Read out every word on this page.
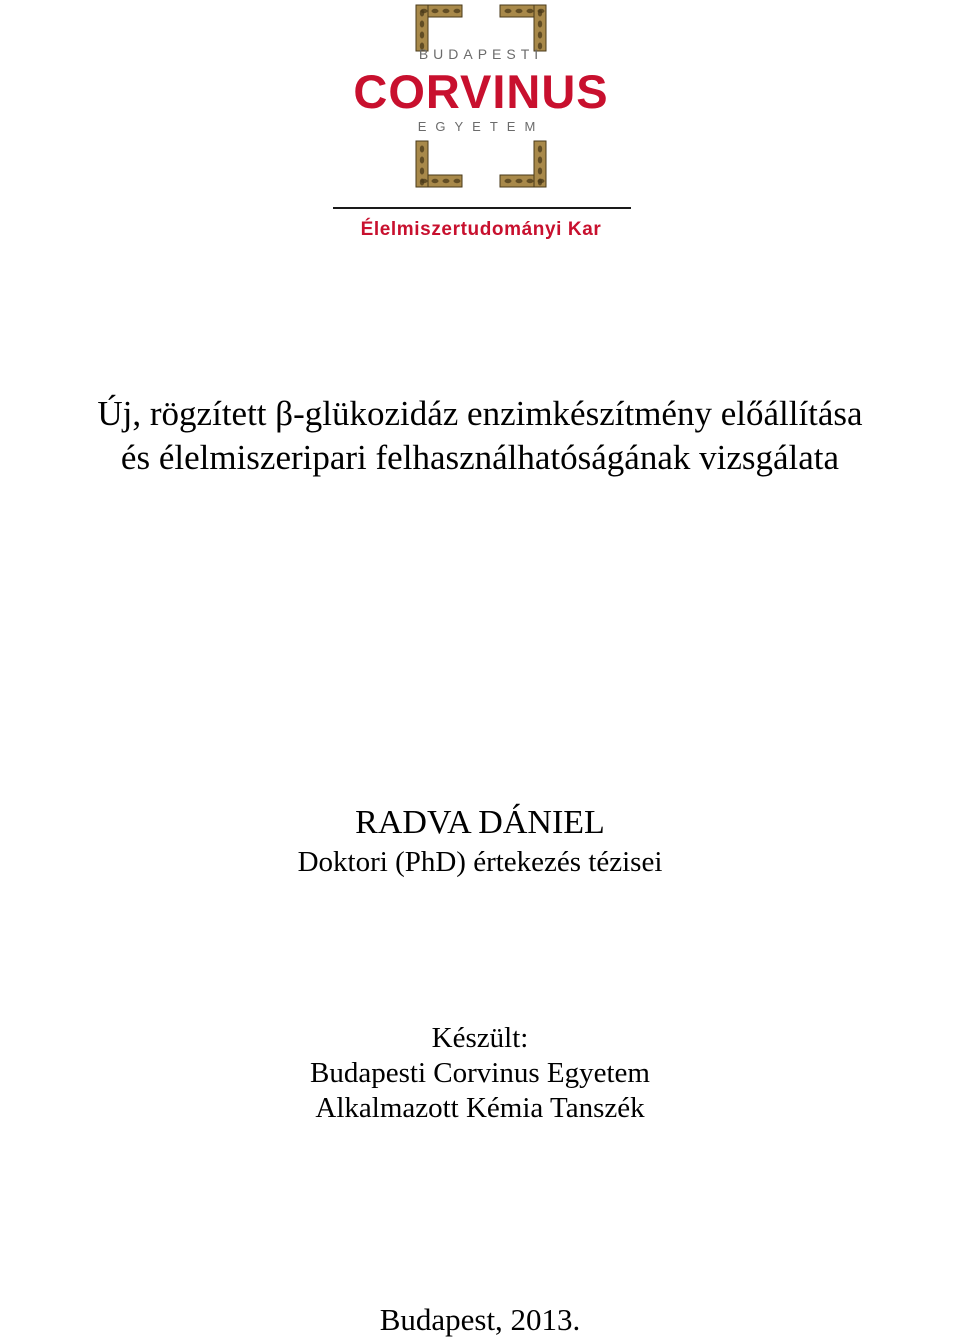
BUDAPESTI
CORVINUS
EGYETEM
Élelmiszertudományi Kar
Új, rögzített β-glükozidáz enzimkészítmény előállítása
és élelmiszeripari felhasználhatóságának vizsgálata
RADVA DÁNIEL
Doktori (PhD) értekezés tézisei
Készült:
Budapesti Corvinus Egyetem
Alkalmazott Kémia Tanszék
Budapest, 2013.
